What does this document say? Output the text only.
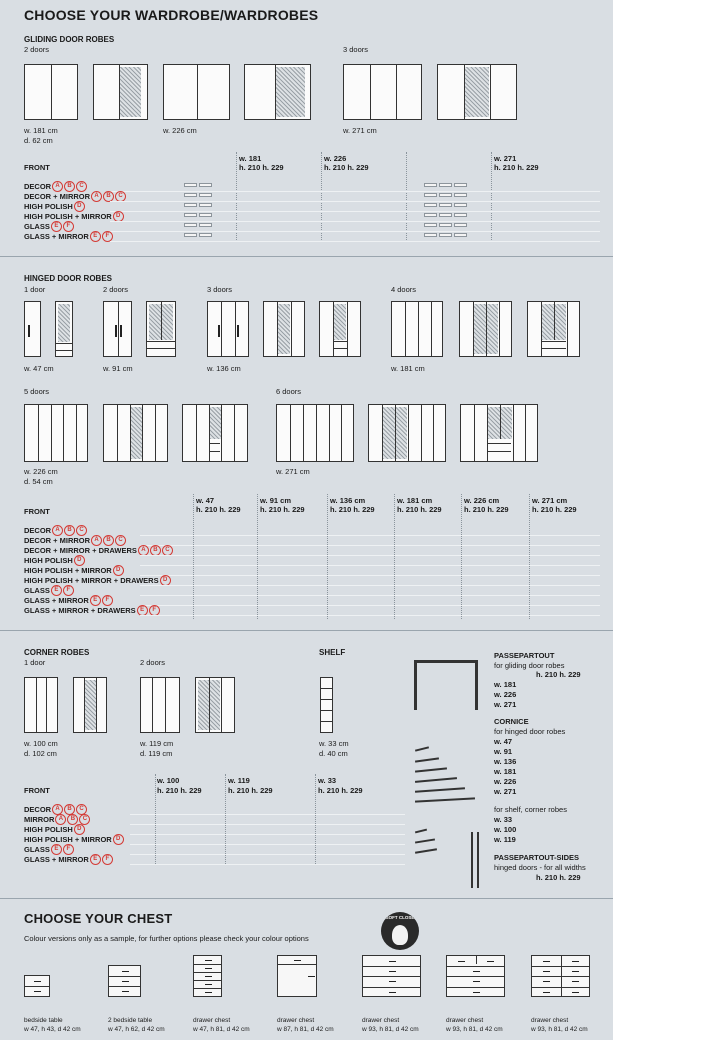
CHOOSE YOUR WARDROBE/WARDROBES
GLIDING DOOR ROBES
2 doors	3 doors
w. 181 cm
d. 62 cm
w. 226 cm	w. 271 cm
w. 181
h. 210 h. 229
w. 226
h. 210 h. 229
w. 271
h. 210 h. 229
FRONT
DECOR A B C
DECOR + MIRROR A B C
HIGH POLISH D
HIGH POLISH + MIRROR D
GLASS E F
GLASS + MIRROR E F
HINGED DOOR ROBES
1 door	2 doors	3 doors	4 doors
w. 47 cm	w. 91 cm	w. 136 cm	w. 181 cm
5 doors	6 doors
w. 226 cm
d. 54 cm
w. 271 cm
w. 47
h. 210 h. 229
w. 91 cm
h. 210 h. 229
w. 136 cm
h. 210 h. 229
w. 181 cm
h. 210 h. 229
w. 226 cm
h. 210 h. 229
w. 271 cm
h. 210 h. 229
FRONT
DECOR A B C
DECOR + MIRROR A B C
DECOR + MIRROR + DRAWERS A B C
HIGH POLISH D
HIGH POLISH + MIRROR D
HIGH POLISH + MIRROR + DRAWERS D
GLASS E F
GLASS + MIRROR E F
GLASS + MIRROR + DRAWERS E F
CORNER ROBES
1 door	2 doors
w. 100 cm
d. 102 cm
w. 119 cm
d. 119 cm
SHELF
w. 33 cm
d. 40 cm
w. 100
h. 210 h. 229
w. 119
h. 210 h. 229
w. 33
h. 210 h. 229
FRONT
DECOR A B C
MIRROR A B C
HIGH POLISH D
HIGH POLISH + MIRROR D
GLASS E F
GLASS + MIRROR E F
PASSEPARTOUT
for gliding door robes
h. 210 h. 229
w. 181
w. 226
w. 271
CORNICE
for hinged door robes
w. 47
w. 91
w. 136
w. 181
w. 226
w. 271
for shelf, corner robes
w. 33
w. 100
w. 119
PASSEPARTOUT-SIDES
hinged doors - for all widths
h. 210 h. 229
CHOOSE YOUR CHEST
Colour versions only as a sample, for further options please check your colour options
SOFT CLOSE
bedside table
w 47, h 43, d 42 cm
2 bedside table
w 47, h 62, d 42 cm
drawer chest
w 47, h 81, d 42 cm
drawer chest
w 87, h 81, d 42 cm
drawer chest
w 93, h 81, d 42 cm
drawer chest
w 93, h 81, d 42 cm
drawer chest
w 93, h 81, d 42 cm
